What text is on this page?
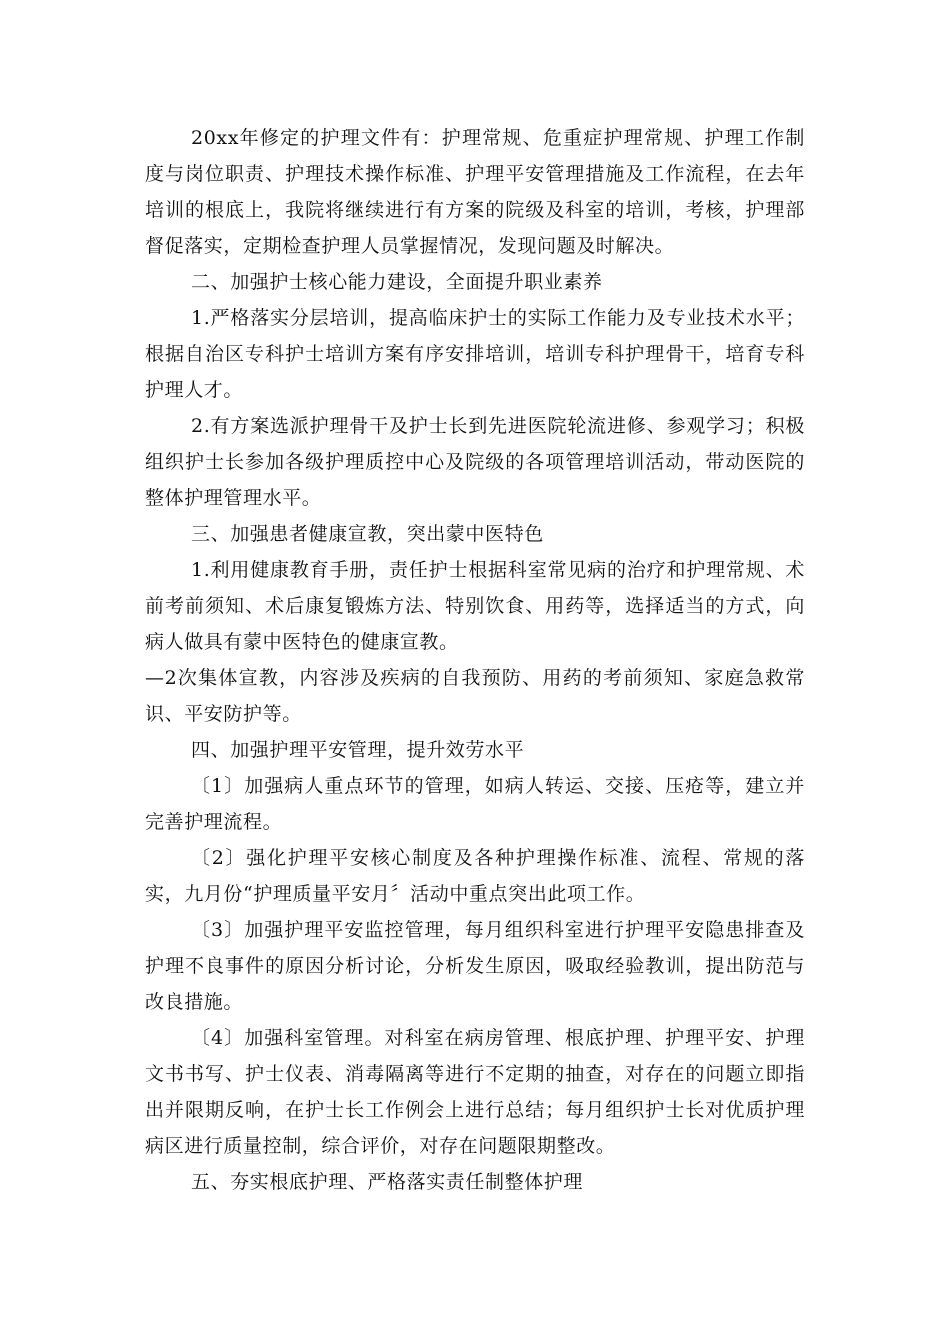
20xx年修定的护理文件有：护理常规、危重症护理常规、护理工作制度与岗位职责、护理技术操作标准、护理平安管理措施及工作流程，在去年培训的根底上，我院将继续进行有方案的院级及科室的培训，考核，护理部督促落实，定期检查护理人员掌握情况，发现问题及时解决。

二、加强护士核心能力建设，全面提升职业素养

1.严格落实分层培训，提高临床护士的实际工作能力及专业技术水平；根据自治区专科护士培训方案有序安排培训，培训专科护理骨干，培育专科护理人才。

2.有方案选派护理骨干及护士长到先进医院轮流进修、参观学习；积极组织护士长参加各级护理质控中心及院级的各项管理培训活动，带动医院的整体护理管理水平。

三、加强患者健康宣教，突出蒙中医特色

1.利用健康教育手册，责任护士根据科室常见病的治疗和护理常规、术前考前须知、术后康复锻炼方法、特别饮食、用药等，选择适当的方式，向病人做具有蒙中医特色的健康宣教。

—2次集体宣教，内容涉及疾病的自我预防、用药的考前须知、家庭急救常识、平安防护等。

四、加强护理平安管理，提升效劳水平

〔1〕加强病人重点环节的管理，如病人转运、交接、压疮等，建立并完善护理流程。

〔2〕强化护理平安核心制度及各种护理操作标准、流程、常规的落实，九月份“护理质量平安月〞活动中重点突出此项工作。

〔3〕加强护理平安监控管理，每月组织科室进行护理平安隐患排查及护理不良事件的原因分析讨论，分析发生原因，吸取经验教训，提出防范与改良措施。

〔4〕加强科室管理。对科室在病房管理、根底护理、护理平安、护理文书书写、护士仪表、消毒隔离等进行不定期的抽查，对存在的问题立即指出并限期反响，在护士长工作例会上进行总结；每月组织护士长对优质护理病区进行质量控制，综合评价，对存在问题限期整改。

五、夯实根底护理、严格落实责任制整体护理
